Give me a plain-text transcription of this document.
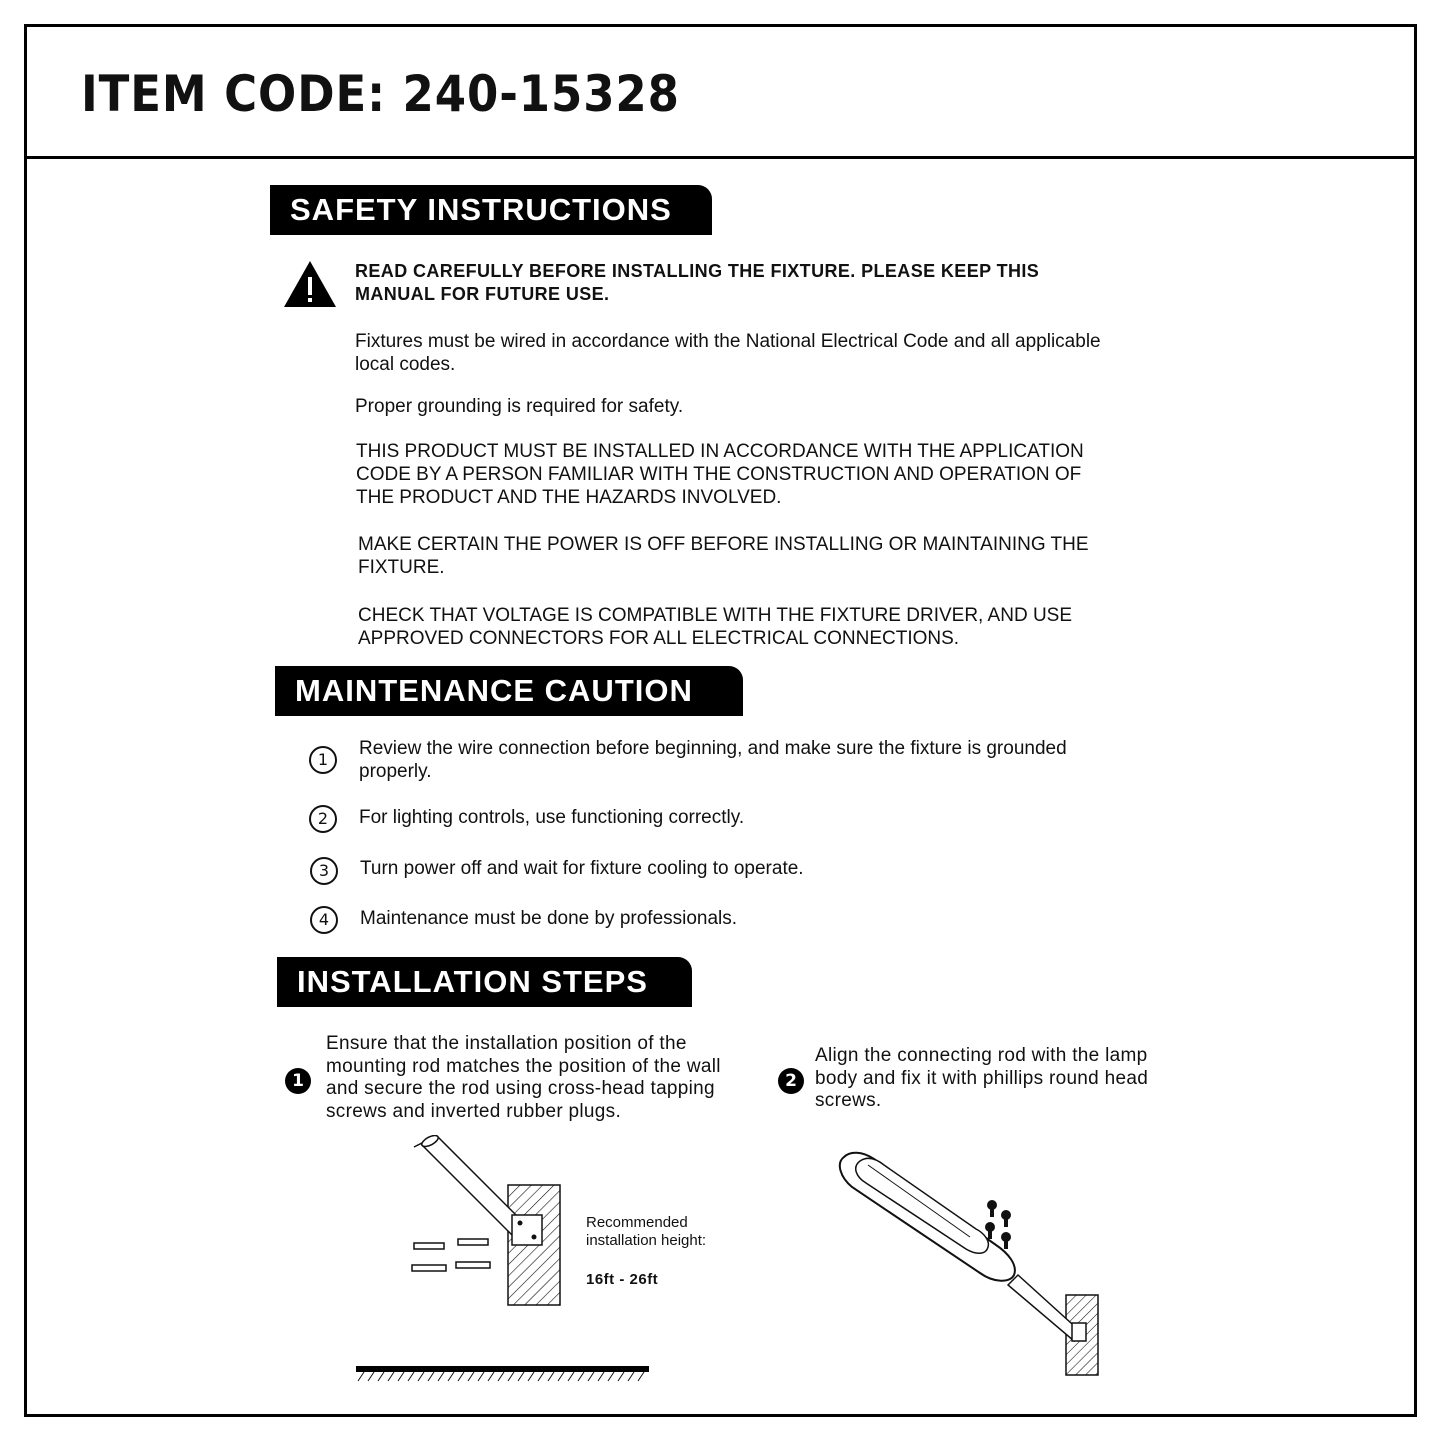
ITEM CODE: 240-15328
SAFETY INSTRUCTIONS
READ CAREFULLY BEFORE INSTALLING THE FIXTURE. PLEASE KEEP THIS MANUAL FOR FUTURE USE.
Fixtures must be wired in accordance with the National Electrical Code and all applicable local codes.
Proper grounding is required for safety.
THIS PRODUCT MUST BE INSTALLED IN ACCORDANCE WITH THE APPLICATION CODE BY A PERSON FAMILIAR WITH THE CONSTRUCTION AND OPERATION OF THE PRODUCT AND THE HAZARDS INVOLVED.
MAKE CERTAIN THE POWER IS OFF BEFORE INSTALLING OR MAINTAINING THE FIXTURE.
CHECK THAT VOLTAGE IS COMPATIBLE WITH THE FIXTURE DRIVER, AND USE APPROVED CONNECTORS FOR ALL ELECTRICAL CONNECTIONS.
MAINTENANCE CAUTION
1
Review the wire connection before beginning, and make sure the fixture is grounded properly.
2	For lighting controls, use functioning correctly.
3	Turn power off and wait for fixture cooling to operate.
4	Maintenance must be done by professionals.
INSTALLATION STEPS
1
Ensure that the installation position of the mounting rod matches the position of the wall and secure the rod using cross-head tapping screws and inverted rubber plugs.
2
Align the connecting rod with the lamp body and fix it with phillips round head screws.
Recommended installation height:
16ft - 26ft
